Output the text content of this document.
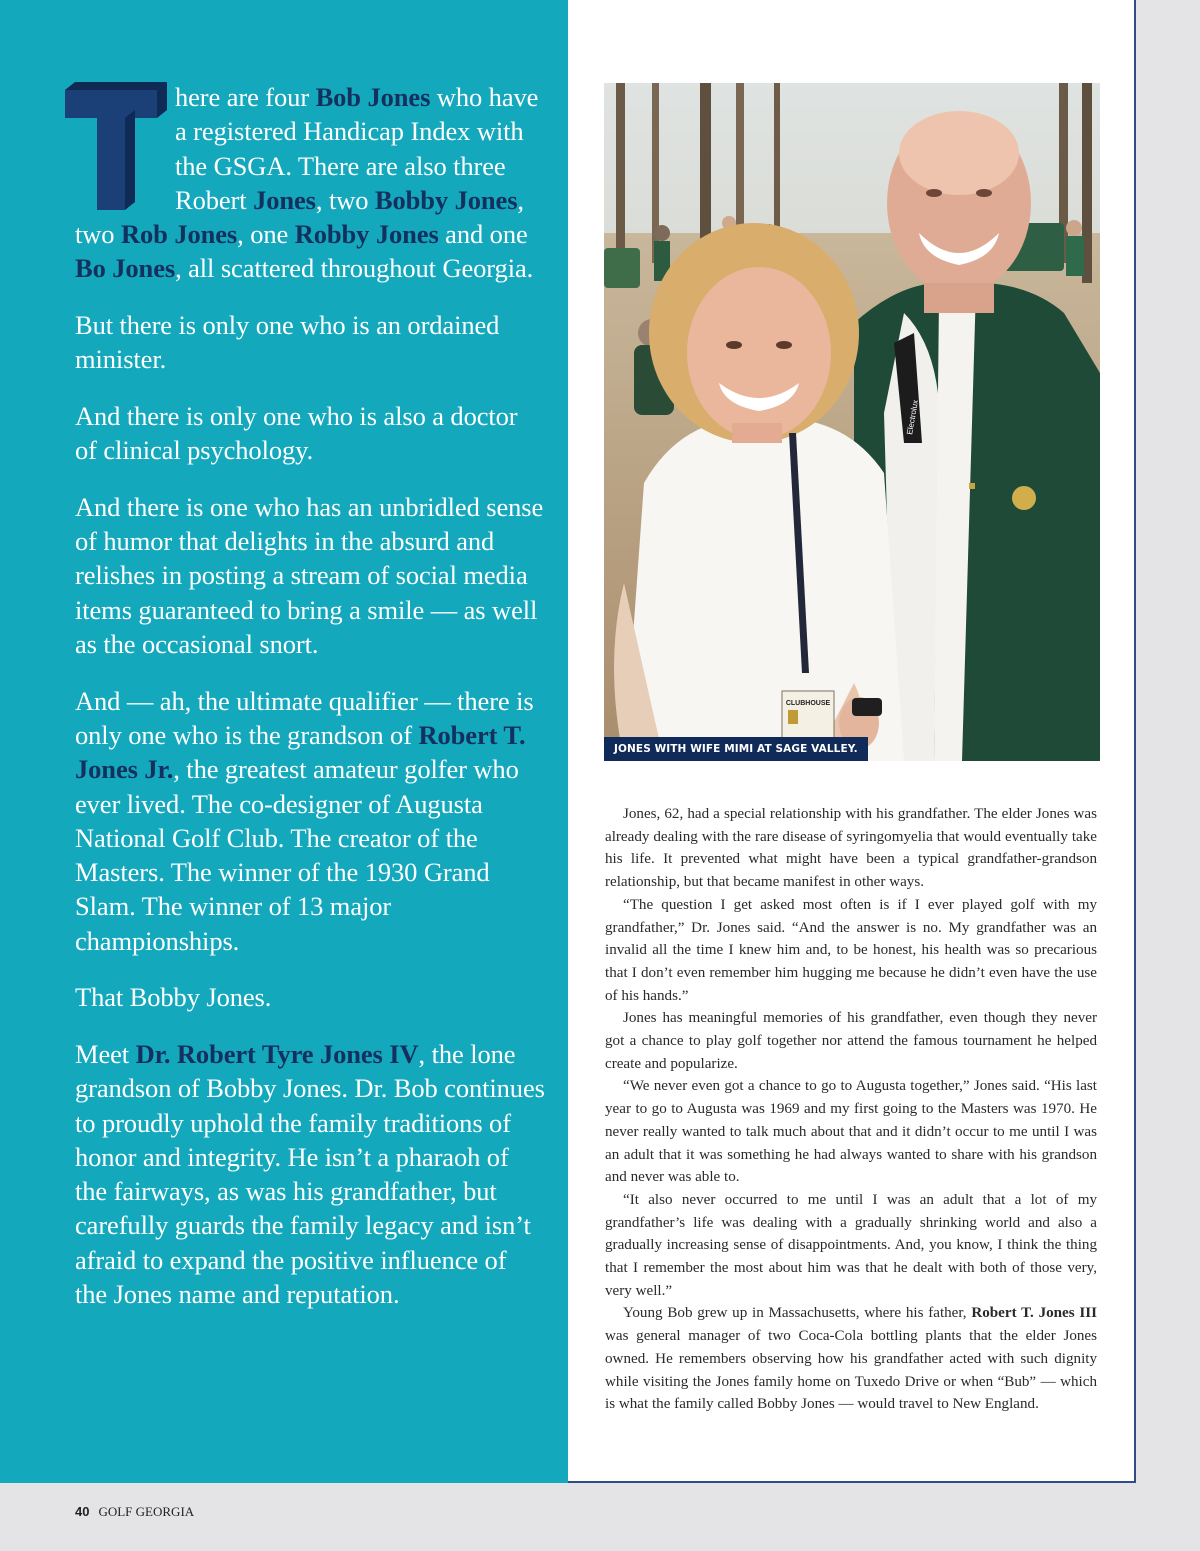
here are four Bob Jones who have a registered Handicap Index with the GSGA. There are also three Robert Jones, two Bobby Jones, two Rob Jones, one Robby Jones and one Bo Jones, all scattered throughout Georgia.

But there is only one who is an ordained minister.

And there is only one who is also a doctor of clinical psychology.

And there is one who has an unbridled sense of humor that delights in the absurd and relishes in posting a stream of social media items guaranteed to bring a smile — as well as the occasional snort.

And — ah, the ultimate qualifier — there is only one who is the grandson of Robert T. Jones Jr., the greatest amateur golfer who ever lived. The co-designer of Augusta National Golf Club. The creator of the Masters. The winner of the 1930 Grand Slam. The winner of 13 major championships.

That Bobby Jones.

Meet Dr. Robert Tyre Jones IV, the lone grandson of Bobby Jones. Dr. Bob continues to proudly uphold the family traditions of honor and integrity. He isn’t a pharaoh of the fairways, as was his grandfather, but carefully guards the family legacy and isn’t afraid to expand the positive influence of the Jones name and reputation.

Electrolux
CLUBHOUSE
JONES WITH WIFE MIMI AT SAGE VALLEY.

Jones, 62, had a special relationship with his grandfather. The elder Jones was already dealing with the rare disease of syringomyelia that would eventually take his life. It prevented what might have been a typical grandfather-grandson relationship, but that became manifest in other ways.

“The question I get asked most often is if I ever played golf with my grandfather,” Dr. Jones said. “And the answer is no. My grandfather was an invalid all the time I knew him and, to be honest, his health was so precarious that I don’t even remember him hugging me because he didn’t even have the use of his hands.”

Jones has meaningful memories of his grandfather, even though they never got a chance to play golf together nor attend the famous tournament he helped create and popularize.

“We never even got a chance to go to Augusta together,” Jones said. “His last year to go to Augusta was 1969 and my first going to the Masters was 1970. He never really wanted to talk much about that and it didn’t occur to me until I was an adult that it was something he had always wanted to share with his grandson and never was able to.

“It also never occurred to me until I was an adult that a lot of my grandfather’s life was dealing with a gradually shrinking world and also a gradually increasing sense of disappointments. And, you know, I think the thing that I remember the most about him was that he dealt with both of those very, very well.”

Young Bob grew up in Massachusetts, where his father, Robert T. Jones III was general manager of two Coca-Cola bottling plants that the elder Jones owned. He remembers observing how his grandfather acted with such dignity while visiting the Jones family home on Tuxedo Drive or when “Bub” — which is what the family called Bobby Jones — would travel to New England.

40 GOLF GEORGIA
